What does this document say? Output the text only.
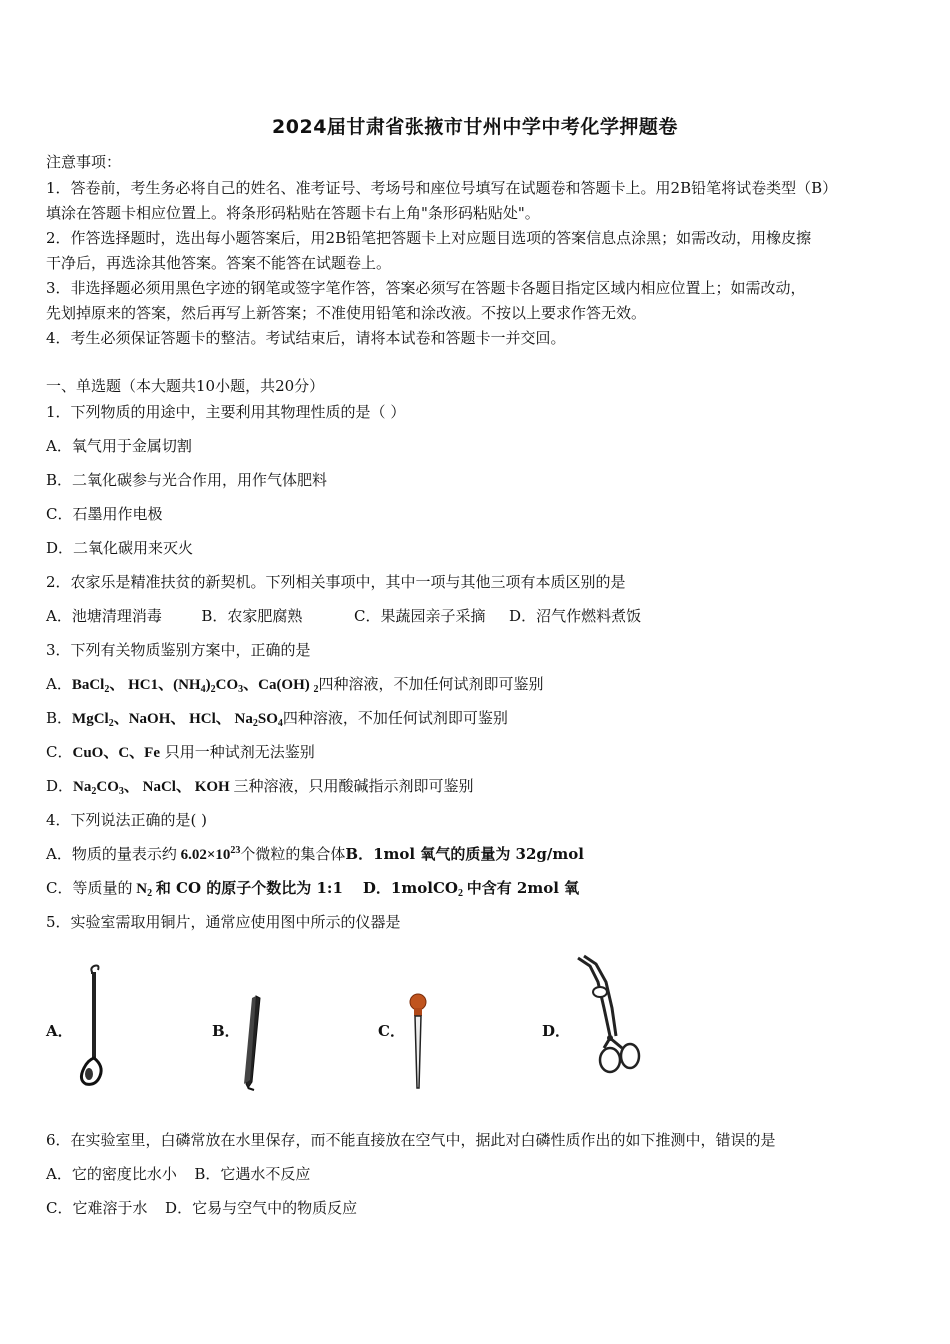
2024届甘肃省张掖市甘州中学中考化学押题卷
注意事项：
1．答卷前，考生务必将自己的姓名、准考证号、考场号和座位号填写在试题卷和答题卡上。用2B铅笔将试卷类型（B）
填涂在答题卡相应位置上。将条形码粘贴在答题卡右上角"条形码粘贴处"。
2．作答选择题时，选出每小题答案后，用2B铅笔把答题卡上对应题目选项的答案信息点涂黑；如需改动，用橡皮擦
干净后，再选涂其他答案。答案不能答在试题卷上。
3．非选择题必须用黑色字迹的钢笔或签字笔作答，答案必须写在答题卡各题目指定区域内相应位置上；如需改动，
先划掉原来的答案，然后再写上新答案；不准使用铅笔和涂改液。不按以上要求作答无效。
4．考生必须保证答题卡的整洁。考试结束后，请将本试卷和答题卡一并交回。
一、单选题（本大题共10小题，共20分）
1．下列物质的用途中，主要利用其物理性质的是（ ）
A．氧气用于金属切割
B．二氧化碳参与光合作用，用作气体肥料
C．石墨用作电极
D．二氧化碳用来灭火
2．农家乐是精准扶贫的新契机。下列相关事项中，其中一项与其他三项有本质区别的是
A．池塘清理消毒	B．农家肥腐熟	C．果蔬园亲子采摘 D．沼气作燃料煮饭
3．下列有关物质鉴别方案中，正确的是
A．BaCl$_2$、 HC1、$(NH_4)_2CO_3$、Ca(OH) $_2$四种溶液，不加任何试剂即可鉴别
B．MgCl$_2$、NaOH、 HCl、 $Na_2SO_4$四种溶液，不加任何试剂即可鉴别
C．CuO、C、Fe 只用一种试剂无法鉴别
D．$Na_2CO_3$、 NaCl、 KOH 三种溶液，只用酸碱指示剂即可鉴别
4．下列说法正确的是( )
A．物质的量表示约 $6.02\times 10^{23}$个微粒的集合体B．1mol 氧气的质量为 32g/mol
C．等质量的 $N_2$ 和 CO 的原子个数比为 1:1 D．1molCO$_2$ 中含有 2mol 氧
5．实验室需取用铜片，通常应使用图中所示的仪器是
A．	B．	C．	D．
6．在实验室里，白磷常放在水里保存，而不能直接放在空气中，据此对白磷性质作出的如下推测中，错误的是
A．它的密度比水小 B．它遇水不反应
C．它难溶于水 D．它易与空气中的物质反应
